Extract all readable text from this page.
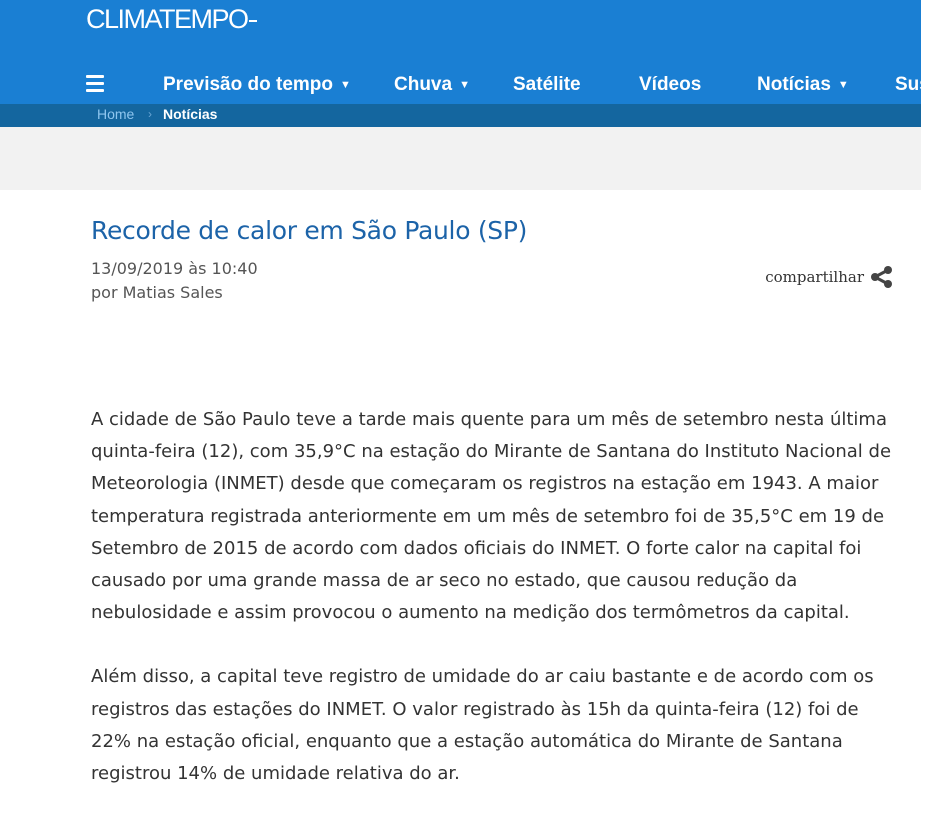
CLIMATEMPO
Previsão do tempo ▼ Chuva ▼ Satélite	Vídeos	Notícias ▼ Sus
Home › Notícias
Recorde de calor em São Paulo (SP)
13/09/2019 às 10:40
por Matias Sales
compartilhar

A cidade de São Paulo teve a tarde mais quente para um mês de setembro nesta última
quinta-feira (12), com 35,9°C na estação do Mirante de Santana do Instituto Nacional de
Meteorologia (INMET) desde que começaram os registros na estação em 1943. A maior
temperatura registrada anteriormente em um mês de setembro foi de 35,5°C em 19 de
Setembro de 2015 de acordo com dados oficiais do INMET. O forte calor na capital foi
causado por uma grande massa de ar seco no estado, que causou redução da
nebulosidade e assim provocou o aumento na medição dos termômetros da capital.

Além disso, a capital teve registro de umidade do ar caiu bastante e de acordo com os
registros das estações do INMET. O valor registrado às 15h da quinta-feira (12) foi de
22% na estação oficial, enquanto que a estação automática do Mirante de Santana
registrou 14% de umidade relativa do ar.
